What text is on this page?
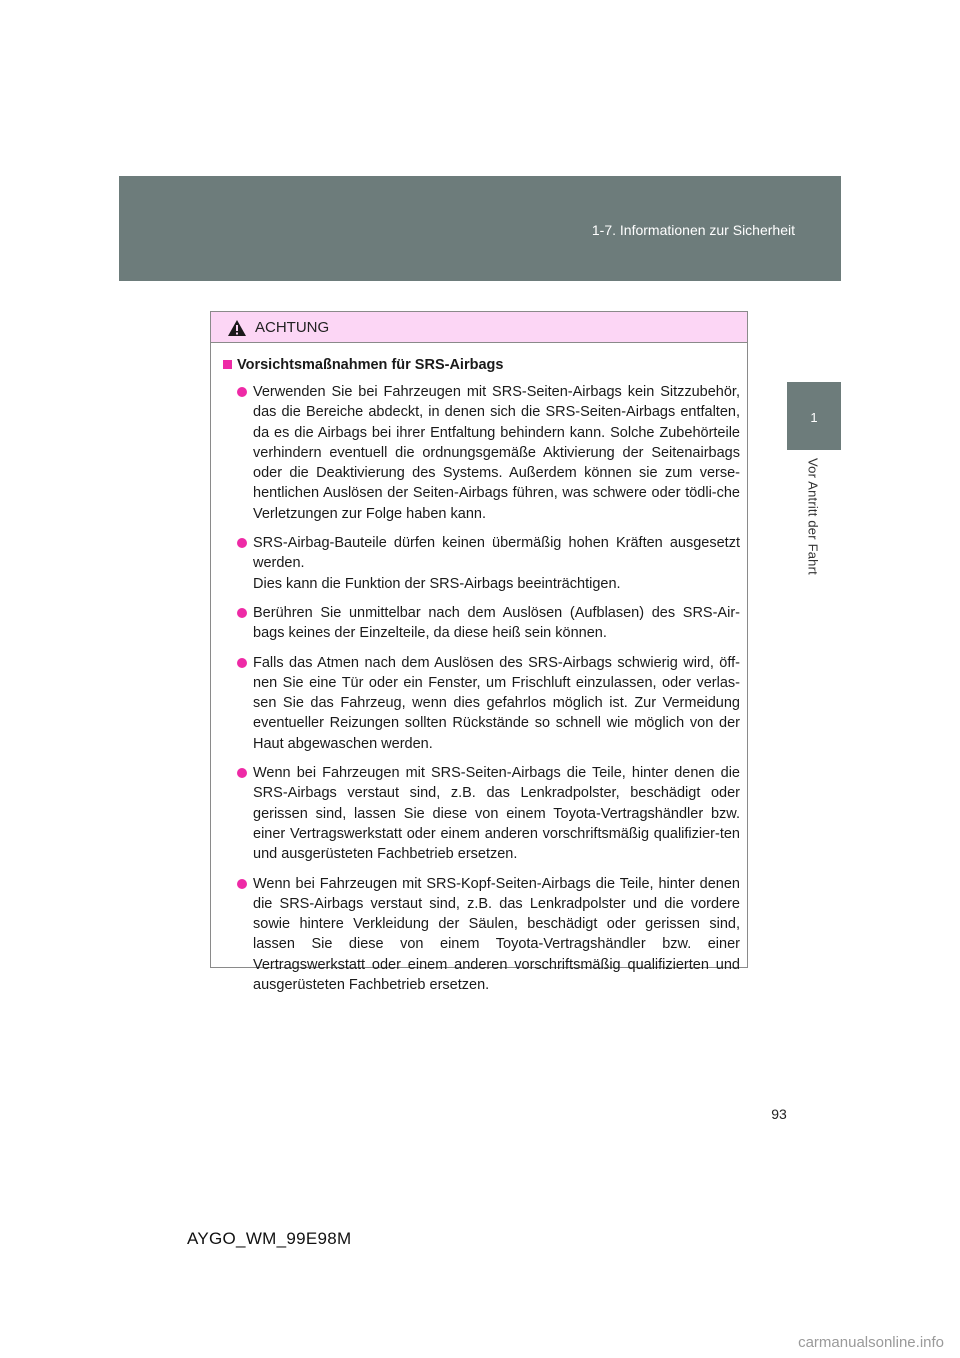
1-7. Informationen zur Sicherheit
1
Vor Antritt der Fahrt
ACHTUNG
Vorsichtsmaßnahmen für SRS-Airbags
Verwenden Sie bei Fahrzeugen mit SRS-Seiten-Airbags kein Sitzzubehör, das die Bereiche abdeckt, in denen sich die SRS-Seiten-Airbags entfalten, da es die Airbags bei ihrer Entfaltung behindern kann. Solche Zubehörteile verhindern eventuell die ordnungsgemäße Aktivierung der Seitenairbags oder die Deaktivierung des Systems. Außerdem können sie zum verse-hentlichen Auslösen der Seiten-Airbags führen, was schwere oder tödli-che Verletzungen zur Folge haben kann.
SRS-Airbag-Bauteile dürfen keinen übermäßig hohen Kräften ausgesetzt werden.
Dies kann die Funktion der SRS-Airbags beeinträchtigen.
Berühren Sie unmittelbar nach dem Auslösen (Aufblasen) des SRS-Air-bags keines der Einzelteile, da diese heiß sein können.
Falls das Atmen nach dem Auslösen des SRS-Airbags schwierig wird, öff-nen Sie eine Tür oder ein Fenster, um Frischluft einzulassen, oder verlas-sen Sie das Fahrzeug, wenn dies gefahrlos möglich ist. Zur Vermeidung eventueller Reizungen sollten Rückstände so schnell wie möglich von der Haut abgewaschen werden.
Wenn bei Fahrzeugen mit SRS-Seiten-Airbags die Teile, hinter denen die SRS-Airbags verstaut sind, z.B. das Lenkradpolster, beschädigt oder gerissen sind, lassen Sie diese von einem Toyota-Vertragshändler bzw. einer Vertragswerkstatt oder einem anderen vorschriftsmäßig qualifizier-ten und ausgerüsteten Fachbetrieb ersetzen.
Wenn bei Fahrzeugen mit SRS-Kopf-Seiten-Airbags die Teile, hinter denen die SRS-Airbags verstaut sind, z.B. das Lenkradpolster und die vordere sowie hintere Verkleidung der Säulen, beschädigt oder gerissen sind, lassen Sie diese von einem Toyota-Vertragshändler bzw. einer Vertragswerkstatt oder einem anderen vorschriftsmäßig qualifizierten und ausgerüsteten Fachbetrieb ersetzen.
93
AYGO_WM_99E98M
carmanualsonline.info
